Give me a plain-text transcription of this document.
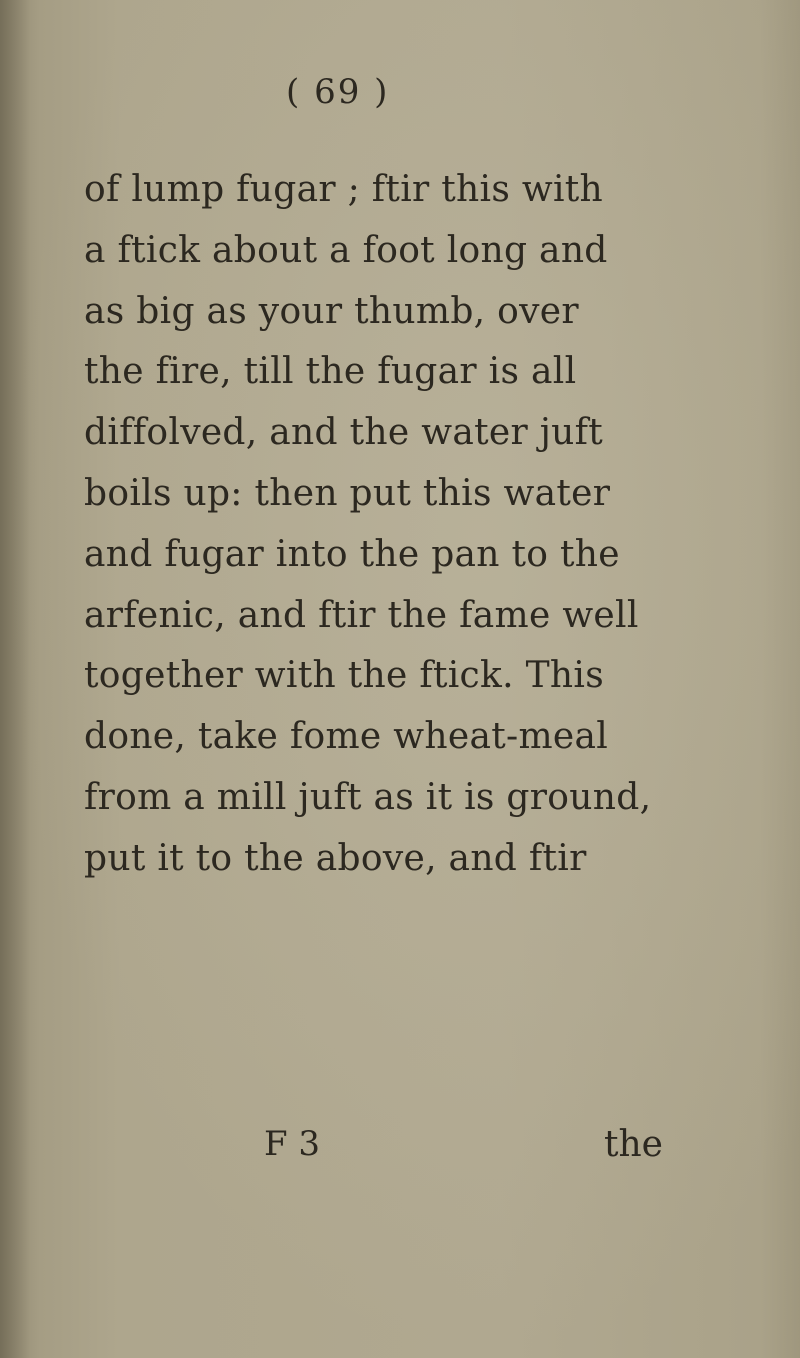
( 69 )
of lump fugar ; ftir this with
a ftick about a foot long and
as big as your thumb, over
the fire, till the fugar is all
diffolved, and the water juft
boils up: then put this water
and fugar into the pan to the
arfenic, and ftir the fame well
together with the ftick. This
done, take fome wheat-meal
from a mill juft as it is ground,
put it to the above, and ftir
F 3	the
